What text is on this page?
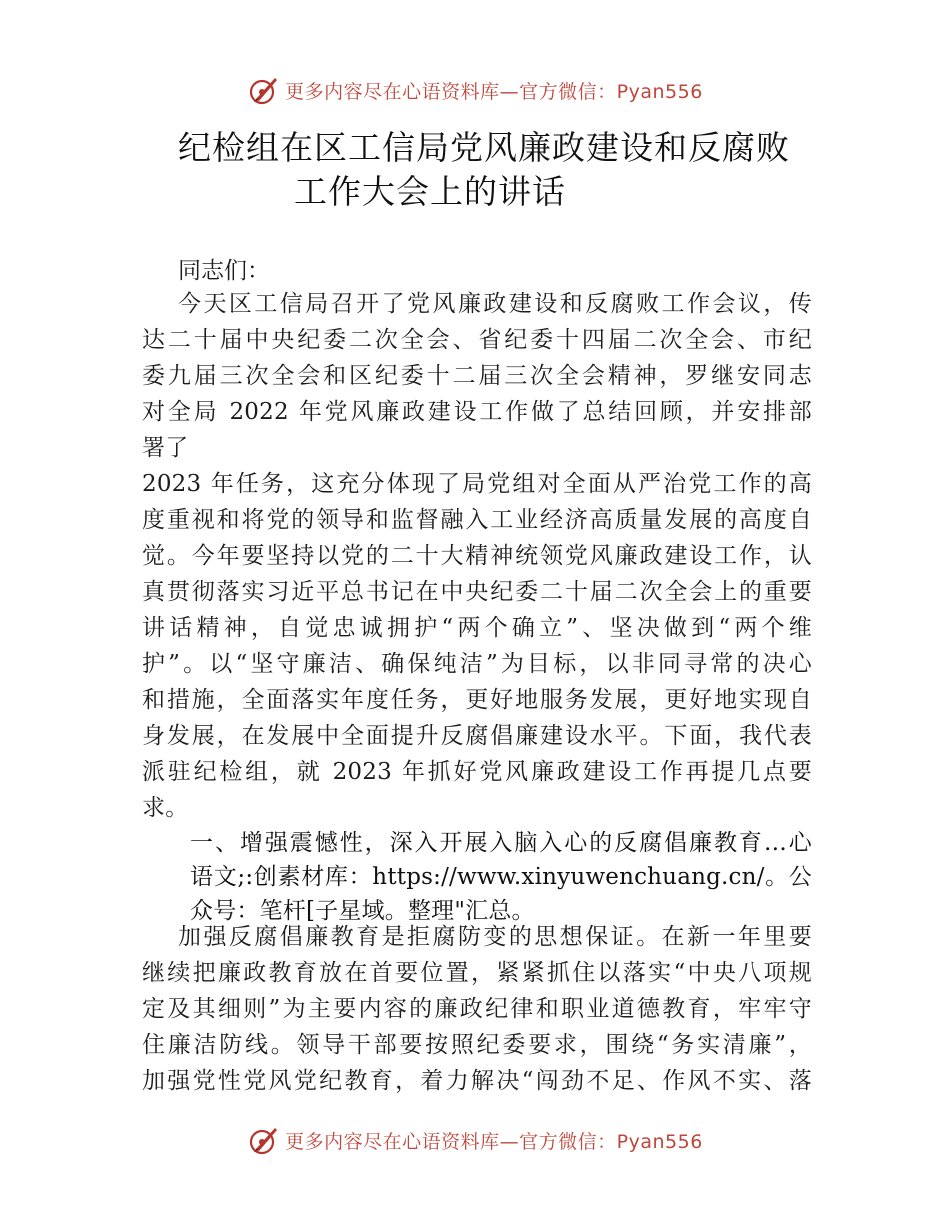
更多内容尽在心语资料库—官方微信：Pyan556
纪检组在区工信局党风廉政建设和反腐败
工作大会上的讲话
同志们：
今天区工信局召开了党风廉政建设和反腐败工作会议，传
达二十届中央纪委二次全会、省纪委十四届二次全会、市纪
委九届三次全会和区纪委十二届三次全会精神，罗继安同志
对全局 2022 年党风廉政建设工作做了总结回顾，并安排部
署了
2023 年任务，这充分体现了局党组对全面从严治党工作的高
度重视和将党的领导和监督融入工业经济高质量发展的高度自
觉。今年要坚持以党的二十大精神统领党风廉政建设工作，认
真贯彻落实习近平总书记在中央纪委二十届二次全会上的重要
讲话精神，自觉忠诚拥护“两个确立”、坚决做到“两个维
护”。以“坚守廉洁、确保纯洁”为目标，以非同寻常的决心
和措施，全面落实年度任务，更好地服务发展，更好地实现自
身发展，在发展中全面提升反腐倡廉建设水平。下面，我代表
派驻纪检组，就 2023 年抓好党风廉政建设工作再提几点要
求。
一、增强震憾性，深入开展入脑入心的反腐倡廉教育…心
语文;:创素材库：https://www.xinyuwenchuang.cn/。公
众号：笔杆[子星域。整理"汇总。
加强反腐倡廉教育是拒腐防变的思想保证。在新一年里要
继续把廉政教育放在首要位置，紧紧抓住以落实“中央八项规
定及其细则”为主要内容的廉政纪律和职业道德教育，牢牢守
住廉洁防线。领导干部要按照纪委要求，围绕“务实清廉”，
加强党性党风党纪教育，着力解决“闯劲不足、作风不实、落
更多内容尽在心语资料库—官方微信：Pyan556
